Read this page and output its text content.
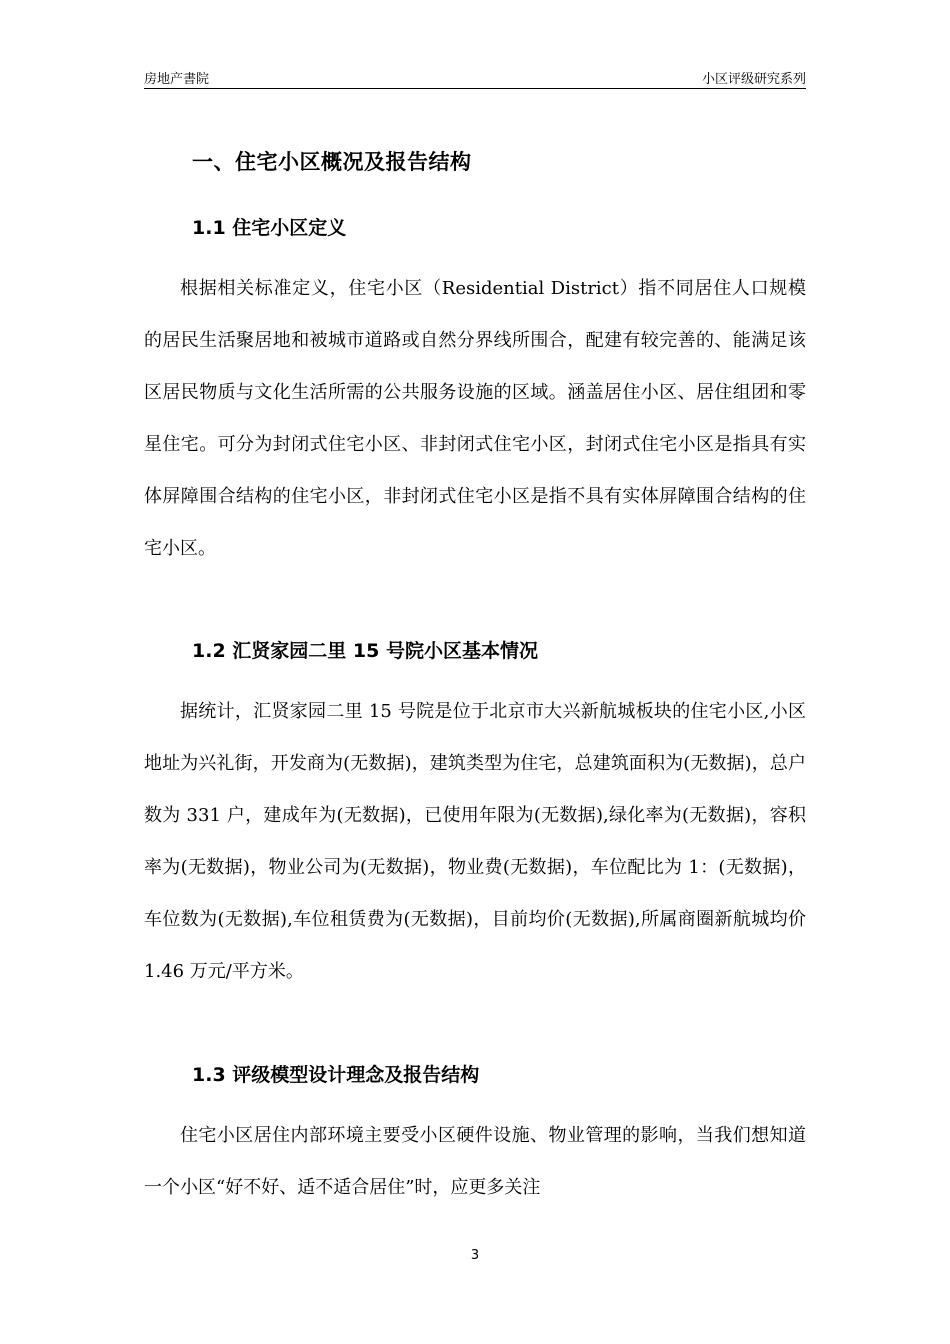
房地产書院	小区评级研究系列
一、住宅小区概况及报告结构
1.1 住宅小区定义

根据相关标准定义，住宅小区（Residential District）指不同居住人口规模的居民生活聚居地和被城市道路或自然分界线所围合，配建有较完善的、能满足该区居民物质与文化生活所需的公共服务设施的区域。涵盖居住小区、居住组团和零星住宅。可分为封闭式住宅小区、非封闭式住宅小区，封闭式住宅小区是指具有实体屏障围合结构的住宅小区，非封闭式住宅小区是指不具有实体屏障围合结构的住宅小区。

1.2 汇贤家园二里 15 号院小区基本情况

据统计，汇贤家园二里 15 号院是位于北京市大兴新航城板块的住宅小区,小区地址为兴礼街，开发商为(无数据)，建筑类型为住宅，总建筑面积为(无数据)，总户数为 331 户，建成年为(无数据)，已使用年限为(无数据),绿化率为(无数据)，容积率为(无数据)，物业公司为(无数据)，物业费(无数据)，车位配比为 1：(无数据)，车位数为(无数据),车位租赁费为(无数据)，目前均价(无数据),所属商圈新航城均价 1.46 万元/平方米。

1.3 评级模型设计理念及报告结构

住宅小区居住内部环境主要受小区硬件设施、物业管理的影响，当我们想知道一个小区“好不好、适不适合居住”时，应更多关注

3
